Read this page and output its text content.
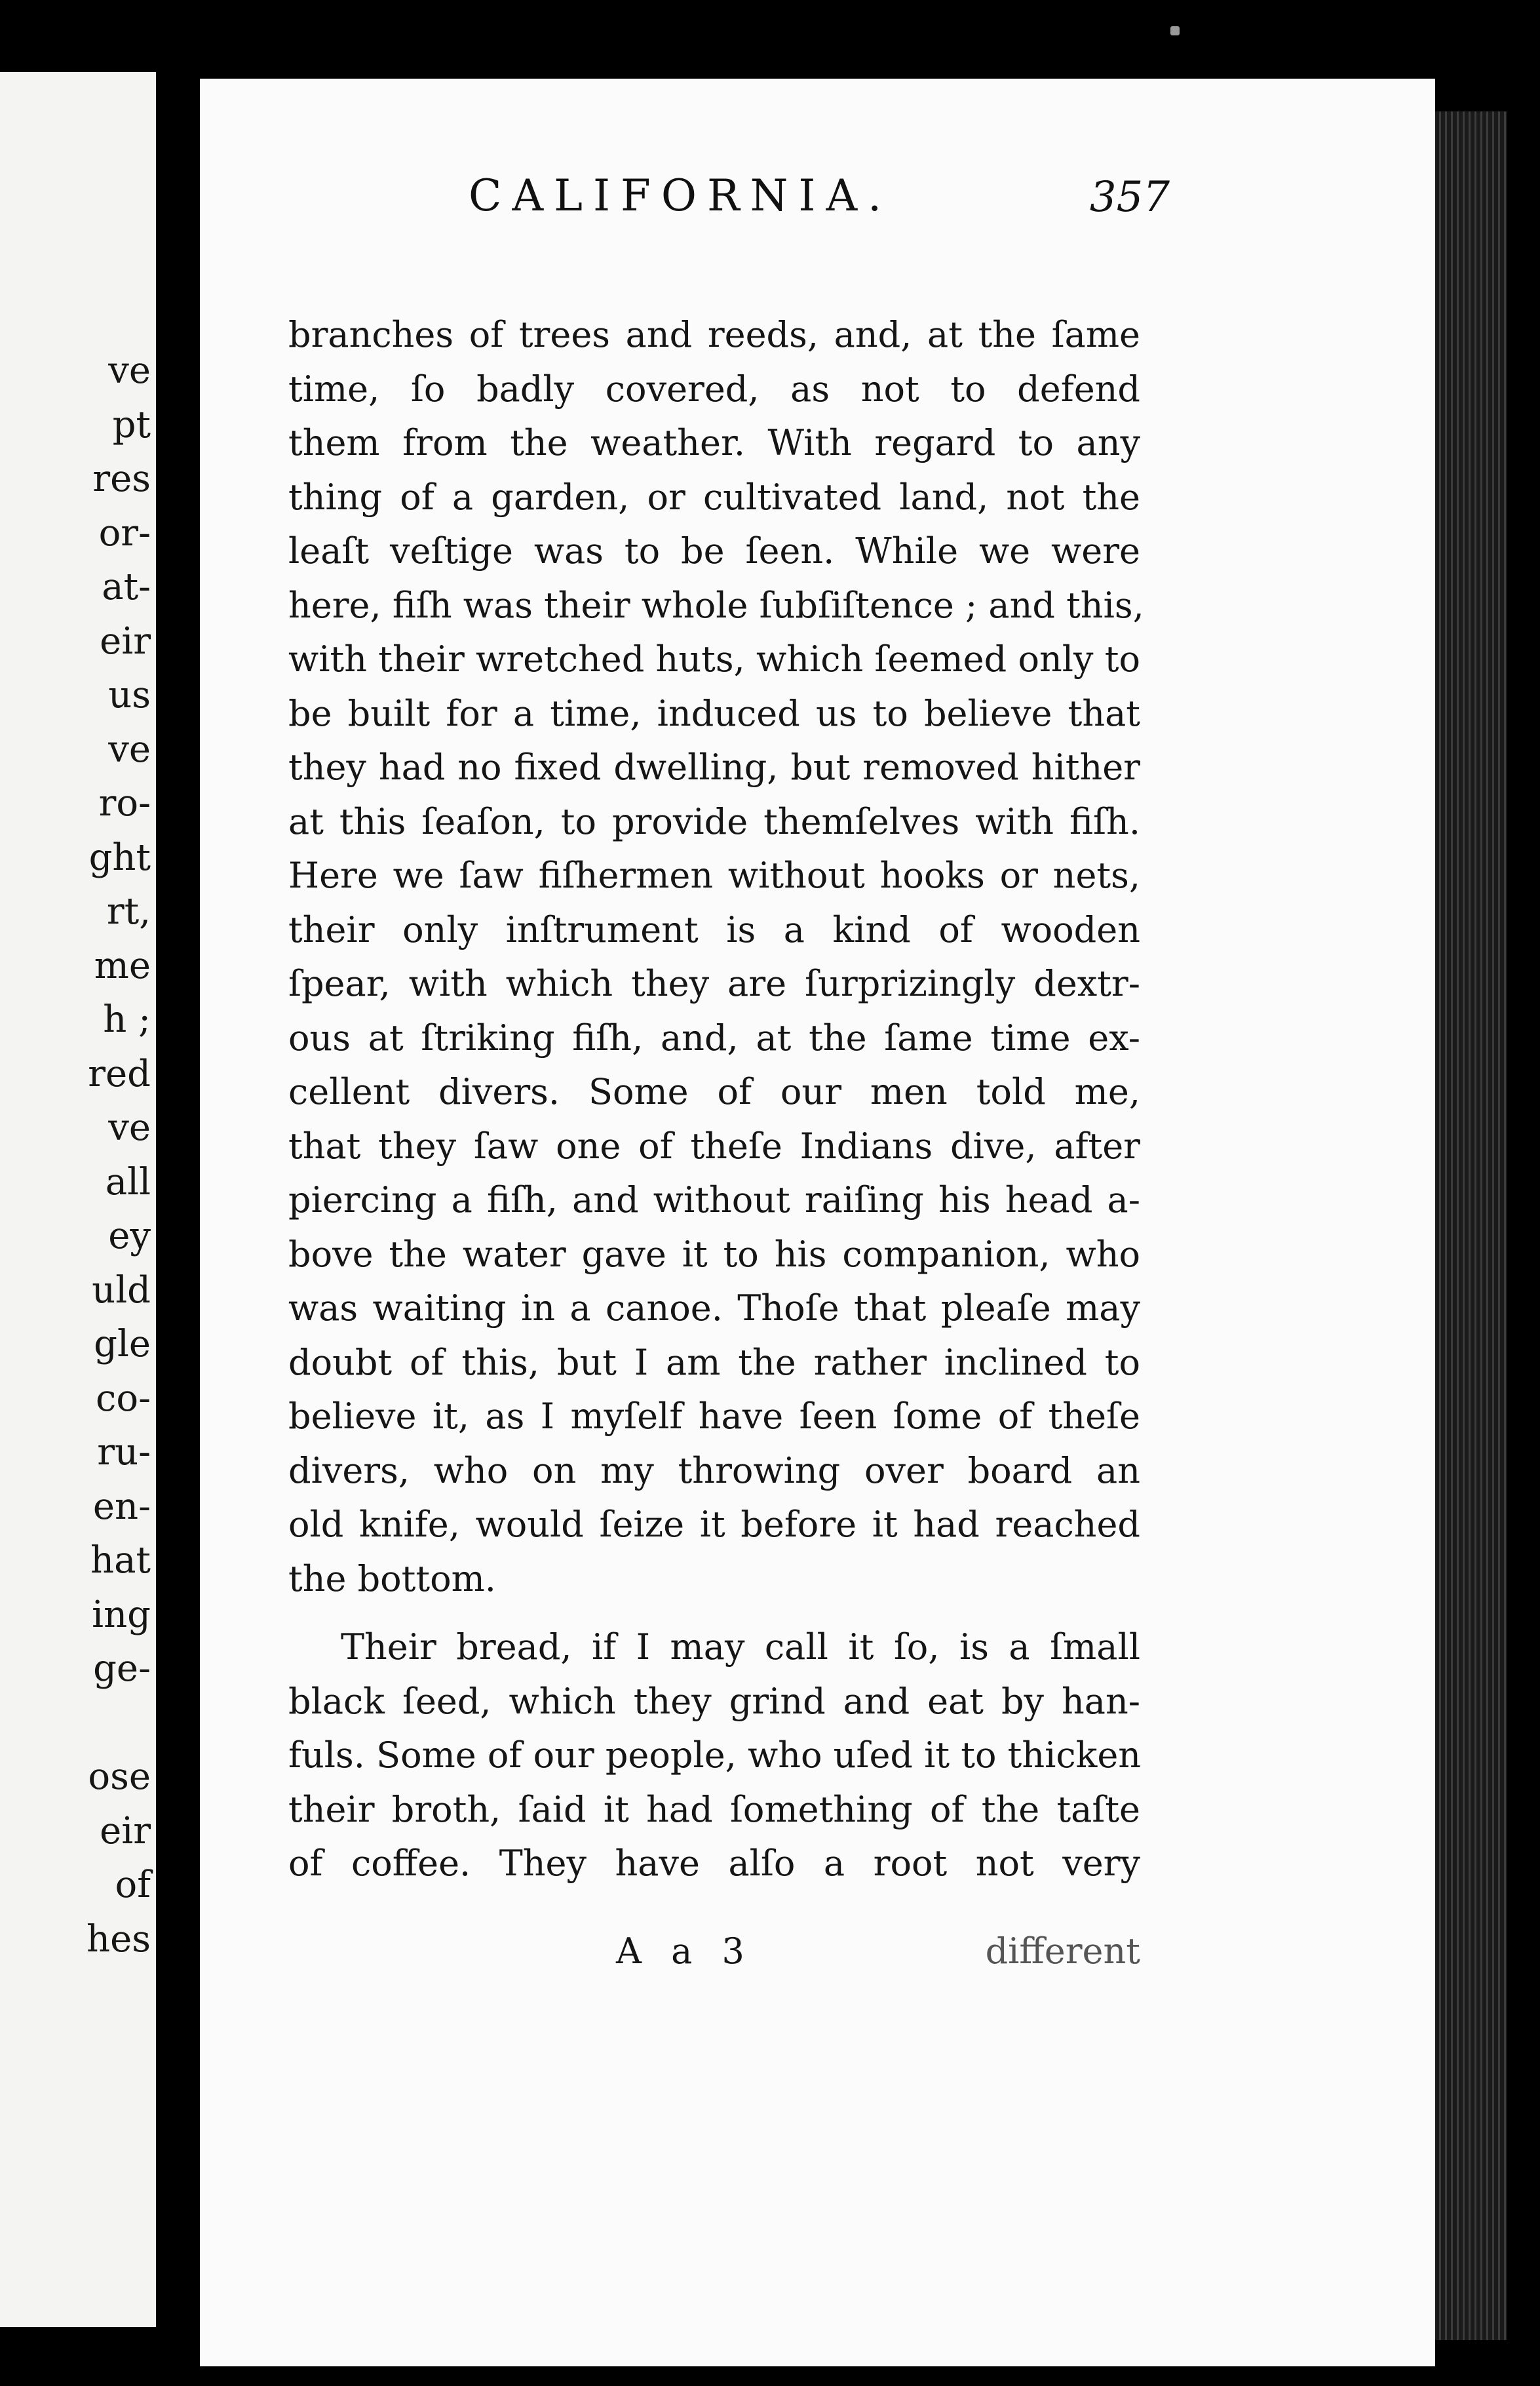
ve
pt
res
or-
at-
eir
us
ve
ro-
ght
rt,
me
h ;
red
ve
all
ey
uld
gle
co-
ru-
en-
hat
ing
ge-
ose
eir
of
hes
CALIFORNIA.	357
branches of trees and reeds, and, at the ſame
time, ſo badly covered, as not to defend
them from the weather. With regard to any
thing of a garden, or cultivated land, not the
leaſt veſtige was to be ſeen. While we were
here, fiſh was their whole ſubſiſtence ; and this,
with their wretched huts, which ſeemed only to
be built for a time, induced us to believe that
they had no fixed dwelling, but removed hither
at this ſeaſon, to provide themſelves with fiſh.
Here we ſaw fiſhermen without hooks or nets,
their only inſtrument is a kind of wooden
ſpear, with which they are ſurprizingly dextr-
ous at ſtriking fiſh, and, at the ſame time ex-
cellent divers. Some of our men told me,
that they ſaw one of theſe Indians dive, after
piercing a fiſh, and without raiſing his head a-
bove the water gave it to his companion, who
was waiting in a canoe. Thoſe that pleaſe may
doubt of this, but I am the rather inclined to
believe it, as I myſelf have ſeen ſome of theſe
divers, who on my throwing over board an
old knife, would ſeize it before it had reached
the bottom.
Their bread, if I may call it ſo, is a ſmall
black ſeed, which they grind and eat by han-
fuls. Some of our people, who uſed it to thicken
their broth, ſaid it had ſomething of the taſte
of coffee. They have alſo a root not very
A a 3	different
